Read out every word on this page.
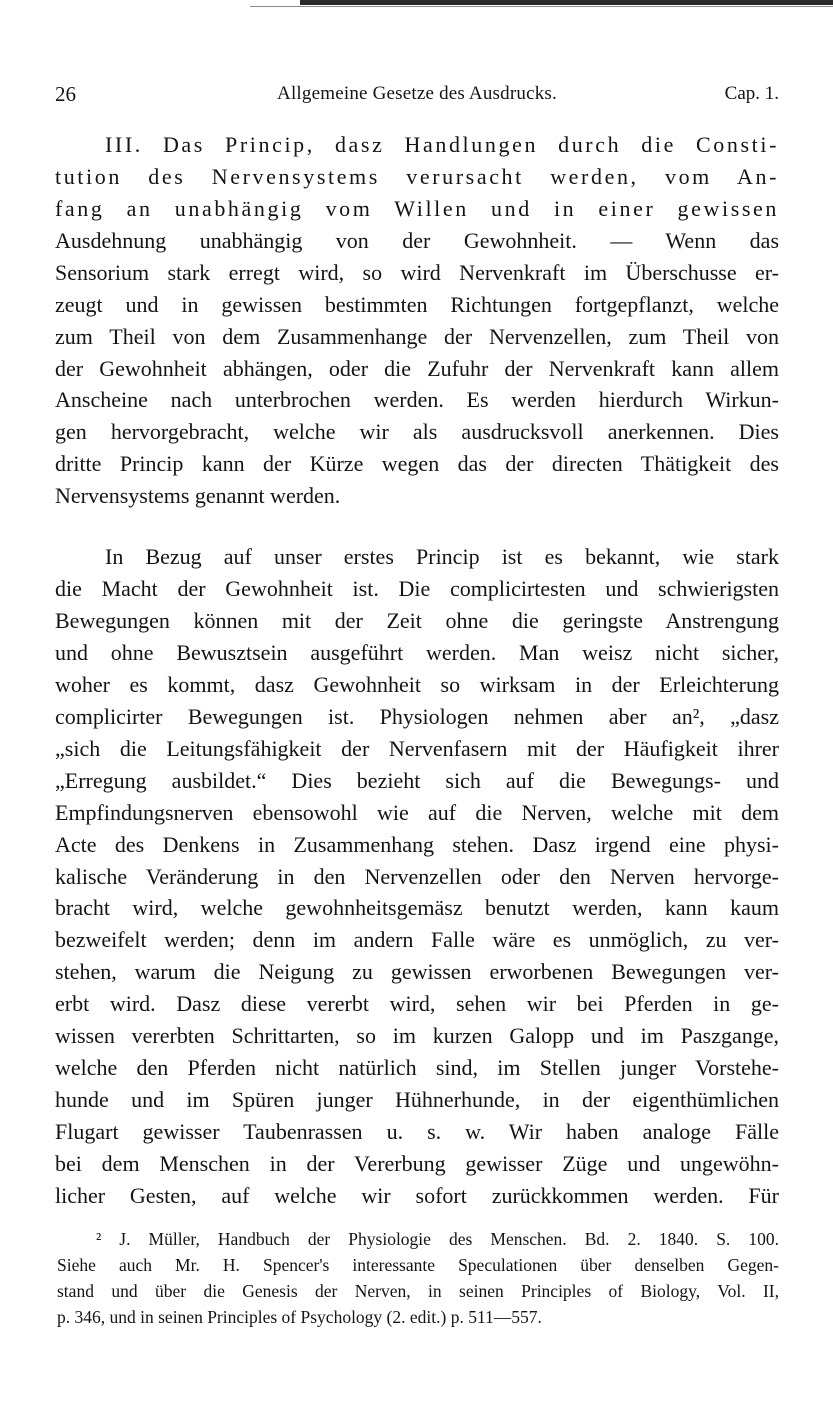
26	Allgemeine Gesetze des Ausdrucks.	Cap. 1.
III. Das Princip, dasz Handlungen durch die Consti-
tution des Nervensystems verursacht werden, vom An-
fang an unabhängig vom Willen und in einer gewissen
Ausdehnung unabhängig von der Gewohnheit. — Wenn das
Sensorium stark erregt wird, so wird Nervenkraft im Überschusse er-
zeugt und in gewissen bestimmten Richtungen fortgepflanzt, welche
zum Theil von dem Zusammenhange der Nervenzellen, zum Theil von
der Gewohnheit abhängen, oder die Zufuhr der Nervenkraft kann allem
Anscheine nach unterbrochen werden. Es werden hierdurch Wirkun-
gen hervorgebracht, welche wir als ausdrucksvoll anerkennen. Dies
dritte Princip kann der Kürze wegen das der directen Thätigkeit des
Nervensystems genannt werden.
In Bezug auf unser erstes Princip ist es bekannt, wie stark
die Macht der Gewohnheit ist. Die complicirtesten und schwierigsten
Bewegungen können mit der Zeit ohne die geringste Anstrengung
und ohne Bewusztsein ausgeführt werden. Man weisz nicht sicher,
woher es kommt, dasz Gewohnheit so wirksam in der Erleichterung
complicirter Bewegungen ist. Physiologen nehmen aber an², „dasz
„sich die Leitungsfähigkeit der Nervenfasern mit der Häufigkeit ihrer
„Erregung ausbildet.“ Dies bezieht sich auf die Bewegungs- und
Empfindungsnerven ebensowohl wie auf die Nerven, welche mit dem
Acte des Denkens in Zusammenhang stehen. Dasz irgend eine physi-
kalische Veränderung in den Nervenzellen oder den Nerven hervorge-
bracht wird, welche gewohnheitsgemäsz benutzt werden, kann kaum
bezweifelt werden; denn im andern Falle wäre es unmöglich, zu ver-
stehen, warum die Neigung zu gewissen erworbenen Bewegungen ver-
erbt wird. Dasz diese vererbt wird, sehen wir bei Pferden in ge-
wissen vererbten Schrittarten, so im kurzen Galopp und im Paszgange,
welche den Pferden nicht natürlich sind, im Stellen junger Vorstehe-
hunde und im Spüren junger Hühnerhunde, in der eigenthümlichen
Flugart gewisser Taubenrassen u. s. w. Wir haben analoge Fälle
bei dem Menschen in der Vererbung gewisser Züge und ungewöhn-
licher Gesten, auf welche wir sofort zurückkommen werden. Für
² J. Müller, Handbuch der Physiologie des Menschen. Bd. 2. 1840. S. 100.
Siehe auch Mr. H. Spencer's interessante Speculationen über denselben Gegen-
stand und über die Genesis der Nerven, in seinen Principles of Biology, Vol. II,
p. 346, und in seinen Principles of Psychology (2. edit.) p. 511—557.
